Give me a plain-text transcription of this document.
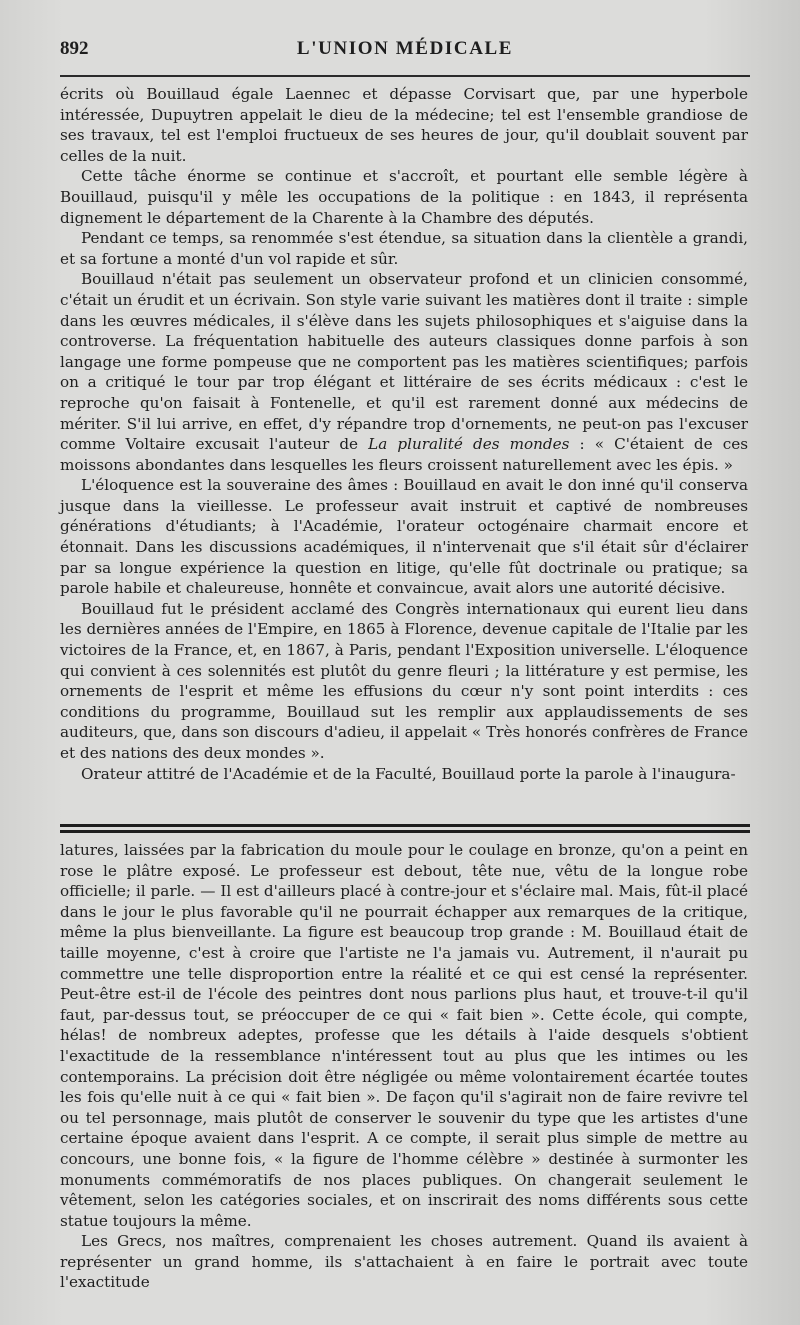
892	L'UNION MÉDICALE

écrits où Bouillaud égale Laennec et dépasse Corvisart que, par une hyperbole intéressée, Dupuytren appelait le dieu de la médecine; tel est l'ensemble grandiose de ses travaux, tel est l'emploi fructueux de ses heures de jour, qu'il doublait souvent par celles de la nuit.

Cette tâche énorme se continue et s'accroît, et pourtant elle semble légère à Bouillaud, puisqu'il y mêle les occupations de la politique : en 1843, il représenta dignement le département de la Charente à la Chambre des députés.

Pendant ce temps, sa renommée s'est étendue, sa situation dans la clientèle a grandi, et sa fortune a monté d'un vol rapide et sûr.

Bouillaud n'était pas seulement un observateur profond et un clinicien consommé, c'était un érudit et un écrivain. Son style varie suivant les matières dont il traite : simple dans les œuvres médicales, il s'élève dans les sujets philosophiques et s'aiguise dans la controverse. La fréquentation habituelle des auteurs classiques donne parfois à son langage une forme pompeuse que ne comportent pas les matières scientifiques; parfois on a critiqué le tour par trop élégant et littéraire de ses écrits médicaux : c'est le reproche qu'on faisait à Fontenelle, et qu'il est rarement donné aux médecins de mériter. S'il lui arrive, en effet, d'y répandre trop d'ornements, ne peut-on pas l'excuser comme Voltaire excusait l'auteur de La pluralité des mondes : « C'étaient de ces moissons abondantes dans lesquelles les fleurs croissent naturellement avec les épis. »

L'éloquence est la souveraine des âmes : Bouillaud en avait le don inné qu'il conserva jusque dans la vieillesse. Le professeur avait instruit et captivé de nombreuses générations d'étudiants; à l'Académie, l'orateur octogénaire charmait encore et étonnait. Dans les discussions académiques, il n'intervenait que s'il était sûr d'éclairer par sa longue expérience la question en litige, qu'elle fût doctrinale ou pratique; sa parole habile et chaleureuse, honnête et convaincue, avait alors une autorité décisive.

Bouillaud fut le président acclamé des Congrès internationaux qui eurent lieu dans les dernières années de l'Empire, en 1865 à Florence, devenue capitale de l'Italie par les victoires de la France, et, en 1867, à Paris, pendant l'Exposition universelle. L'éloquence qui convient à ces solennités est plutôt du genre fleuri ; la littérature y est permise, les ornements de l'esprit et même les effusions du cœur n'y sont point interdits : ces conditions du programme, Bouillaud sut les remplir aux applaudissements de ses auditeurs, que, dans son discours d'adieu, il appelait « Très honorés confrères de France et des nations des deux mondes ».

Orateur attitré de l'Académie et de la Faculté, Bouillaud porte la parole à l'inaugura-

latures, laissées par la fabrication du moule pour le coulage en bronze, qu'on a peint en rose le plâtre exposé. Le professeur est debout, tête nue, vêtu de la longue robe officielle; il parle. — Il est d'ailleurs placé à contre-jour et s'éclaire mal. Mais, fût-il placé dans le jour le plus favorable qu'il ne pourrait échapper aux remarques de la critique, même la plus bienveillante. La figure est beaucoup trop grande : M. Bouillaud était de taille moyenne, c'est à croire que l'artiste ne l'a jamais vu. Autrement, il n'aurait pu commettre une telle disproportion entre la réalité et ce qui est censé la représenter. Peut-être est-il de l'école des peintres dont nous parlions plus haut, et trouve-t-il qu'il faut, par-dessus tout, se préoccuper de ce qui « fait bien ». Cette école, qui compte, hélas! de nombreux adeptes, professe que les détails à l'aide desquels s'obtient l'exactitude de la ressemblance n'intéressent tout au plus que les intimes ou les contemporains. La précision doit être négligée ou même volontairement écartée toutes les fois qu'elle nuit à ce qui « fait bien ». De façon qu'il s'agirait non de faire revivre tel ou tel personnage, mais plutôt de conserver le souvenir du type que les artistes d'une certaine époque avaient dans l'esprit. A ce compte, il serait plus simple de mettre au concours, une bonne fois, « la figure de l'homme célèbre » destinée à surmonter les monuments commémoratifs de nos places publiques. On changerait seulement le vêtement, selon les catégories sociales, et on inscrirait des noms différents sous cette statue toujours la même.

Les Grecs, nos maîtres, comprenaient les choses autrement. Quand ils avaient à représenter un grand homme, ils s'attachaient à en faire le portrait avec toute l'exactitude
